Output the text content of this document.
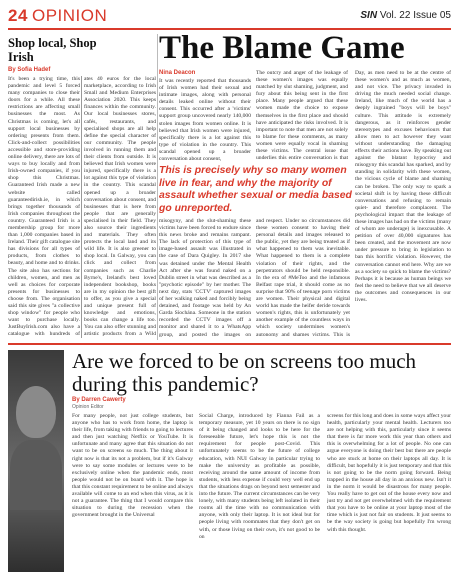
24 OPINION	SIN Vol. 22 Issue 05
Shop local, Shop Irish
By Sofia Hadef

It's been a trying time, this pandemic and level 5 forced many companies to close their doors for a while. All these restrictions are affecting small businesses the most. As Christmas is coming, let's all support local businesses by ordering presents from them. Click-and-collect possibilities accessible and store-providing online delivery, there are lots of ways to buy locally and from Irish-owned companies, if you shop this Christmas. Guaranteed Irish made a new website called guaranteedirish.ie, in which brings together thousands of Irish companies throughout the country. Guaranteed Irish is a membership group for more than 1,000 companies based in Ireland. Their gift catalogue site has divisions for all types of products, from clothes to beauty, and home and to drinks. The site also has sections for children, women, and men as well as choices for corporate presents for businesses to choose from. The organisation said this site gives "a collective shop window" for people who want to purchase locally. JustBuyIrish.com also have a catalogue with hundreds of

ates 40 euros for the local marketplace, according to Irish Small and Medium Enterprises Association 2020. This keeps finances within the community. Our local businesses stores, cafés, restaurants, and specialised shops are all help define the special character of our community. The people involved in running them and their clients from outside. It is believed that Irish women were injured, specifically there is a lot against this type of violation in the country. This scandal opened up a broader conversation about consent, and businesses that is here from people that are generally specialised in their field. They also source their ingredients and materials. They often protects the local land and its wild life. It is also greener to shop local. In Galway, you can click and collect from companies such as Charlie Byrne's, Ireland's best loved independent bookshop, books are in my opinion the best gift to offer, as you give a special and unique present full of knowledge and emotions, books can change a life too. You can also offer stunning and artistic products from a Wild

The Blame Game
Nina Deacon

It was recently reported that thousands of Irish women had their sexual and intimate images, along with personal details leaked online without their consent. This occurred after a 'victims' support group uncovered nearly 140,000 stolen images from women online. It is believed that Irish women were injured, specifically there is a lot against this type of violation in the country. This scandal opened up a broader conversation about consent,

The outcry and anger of the leakage of these women's images was equally matched by slut shaming, judgment, and fury about this being sent in the first place. Many people argued that these women made the choice to expose themselves in the first place and should have anticipated the risks involved. It is important to note that men are not solely to blame for these comments, as many women were equally vocal in shaming these victims. The central issue that underlies this entire conversation is that

Day, as men need to be at the centre of these women's and as much as women, and not vice. The privacy invaded in driving the much needed social change. Ireland, like much of the world has a deeply ingrained "boys will be boys" culture. This attitude is extremely dangerous, as it reinforces gender stereotypes and excuses behaviours that allow men to act however they want without understanding the damaging effects their actions have. By speaking out against the blatant hypocrisy and misogyny this scandal has sparked, and by standing in solidarity with these women, the vicious cycle of blame and shaming can be broken. The only way to spark a societal shift is by having these difficult conversations and refusing to remain quiet- and therefore complacent. The psychological impact that the leakage of these images has had on the victims (many of whom are underage) is inexcusable. A petition of over 40,000 signatures has been created, and the movement are now under pressure to bring in legislation to ban this horrific violation. However, the conversation cannot end here. Why are we as a society so quick to blame the victims? Perhaps it is because as human beings we feel the need to believe that we all deserve the outcomes and consequences in our lives.

This is precisely why so many women live in fear, and why the majority of assault whether sexual or media based go unreported.

misogyny, and the slut-shaming these victims have been forced to endure since this news broke and remains rampant. The lack of protection of this type of image-based assault was illustrated in the case of Dara Quigley. In 2017 she was detained under the Mental Health Act after she was found naked on a Dublin street in what was described as a "psychotic episode" by her mother. The next day, stats 'CCTV' captured images of her walking naked and forcibly being detained, and footage was held by An Garda Síochána. Someone in the station recorded the CCTV images off a monitor and shared it to a WhatsApp group, and posted the images on

and respect. Under no circumstances did these women consent to having their personal details and images released to the public, yet they are being treated as if what happened to them was inevitable. What happened to them is a complete violation of their rights, and the perpetrators should be held responsible. In the era of #MeToo and the infamous Belfast rape trial, it should come as no surprise that 90% of teenage porn victims are women. Their physical and digital world has made the heifer deride towards women's rights, this is unfortunately yet another example of the countless ways in which society undermines women's autonomy and shames victims. This is

Are we forced to be on screens too much during this pandemic?
By Darren Cawerty
Opinion Editor

For many people, not just college students, but anyone who has to work from home, the laptop is their life, from taking with friends to going to lectures and then just watching Netflix or YouTube. It is unfortunate and many agree that this situation do not want to be on screens so much. The thing about it right now is that its not a problem, but if it's Galway were to say some modules or lectures were to be exclusively online when the pandemic ends, most people would not be on board with it. The hope is that this constant requirement to be online and always available will come to an end when this virus, as it is not a guarantee. The thing that I would compare this situation to during the recession when the government brought in the Universal

Social Charge, introduced by Fianna Fail as a temporary measure, yet 10 years on there is no sign of it being changed and looks to be here for the foreseeable future, let's hope this is not the requirement for people post-Covid. This unfortunately seems to be the future of college education, with NUI Galway in particular trying to make the university as profitable as possible, receiving around the same amount of income from students, with less expense if could very well end up that the situations drags on beyond next semester and into the future. The current circumstances can be very lonely, with many students being left isolated in their rooms all the time with no communication with anyone, with only their laptop. It is not ideal but for people living with roommates that they don't get on with, or those living on their own, it's not good to be on

screens for this long and does in some ways affect your health, particularly your mental health. Lecturers too are not helping with this, particularly since it seems that there is far more work this year than others and this is overwhelming for a lot of people. No one can argue everyone is doing their best but there are people who are stuck at home on their laptops all day. It is difficult, but hopefully it is just temporary and that this is not going to be the norm going forward. Being trapped in the house all day in an anxious new. Isn't it in the norm it would be disastrous for many people. You really have to get out of the house every now and just try and not get overwhelmed with the requirement that you have to be online at your laptop most of the time which is just not fair on students. It just seems to be the way society is going but hopefully I'm wrong with this thought.
